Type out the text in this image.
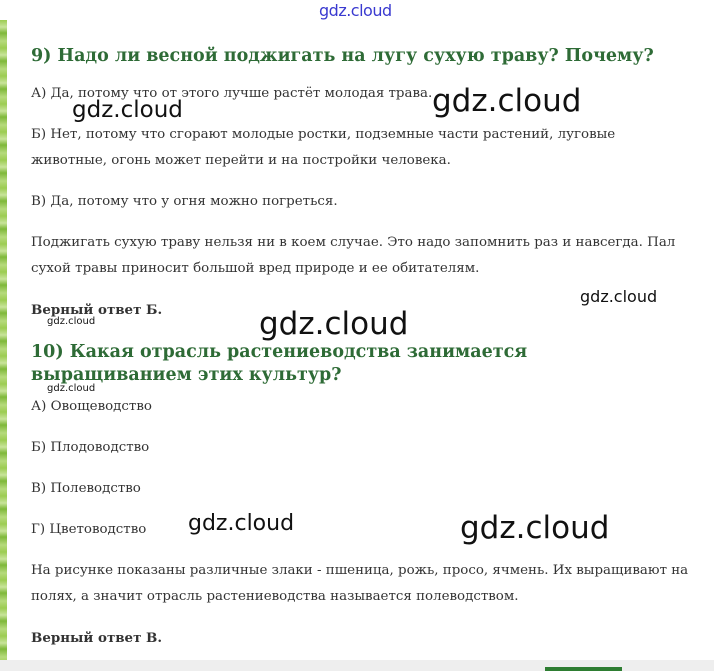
gdz.cloud
9) Надо ли весной поджигать на лугу сухую траву? Почему?

А) Да, потому что от этого лучше растёт молодая трава.

Б) Нет, потому что сгорают молодые ростки, подземные части растений, луговые животные, огонь может перейти и на постройки человека.

В) Да, потому что у огня можно погреться.

Поджигать сухую траву нельзя ни в коем случае. Это надо запомнить раз и навсегда. Пал сухой травы приносит большой вред природе и ее обитателям.

Верный ответ Б.

10) Какая отрасль растениеводства занимается выращиванием этих культур?

А) Овощеводство

Б) Плодоводство

В) Полеводство

Г) Цветоводство

На рисунке показаны различные злаки - пшеница, рожь, просо, ячмень. Их выращивают на полях, а значит отрасль растениеводства называется полеводством.

Верный ответ В.

gdz.cloud	gdz.cloud
gdz.cloud
gdz.cloud	gdz.cloud
gdz.cloud
gdz.cloud	gdz.cloud
